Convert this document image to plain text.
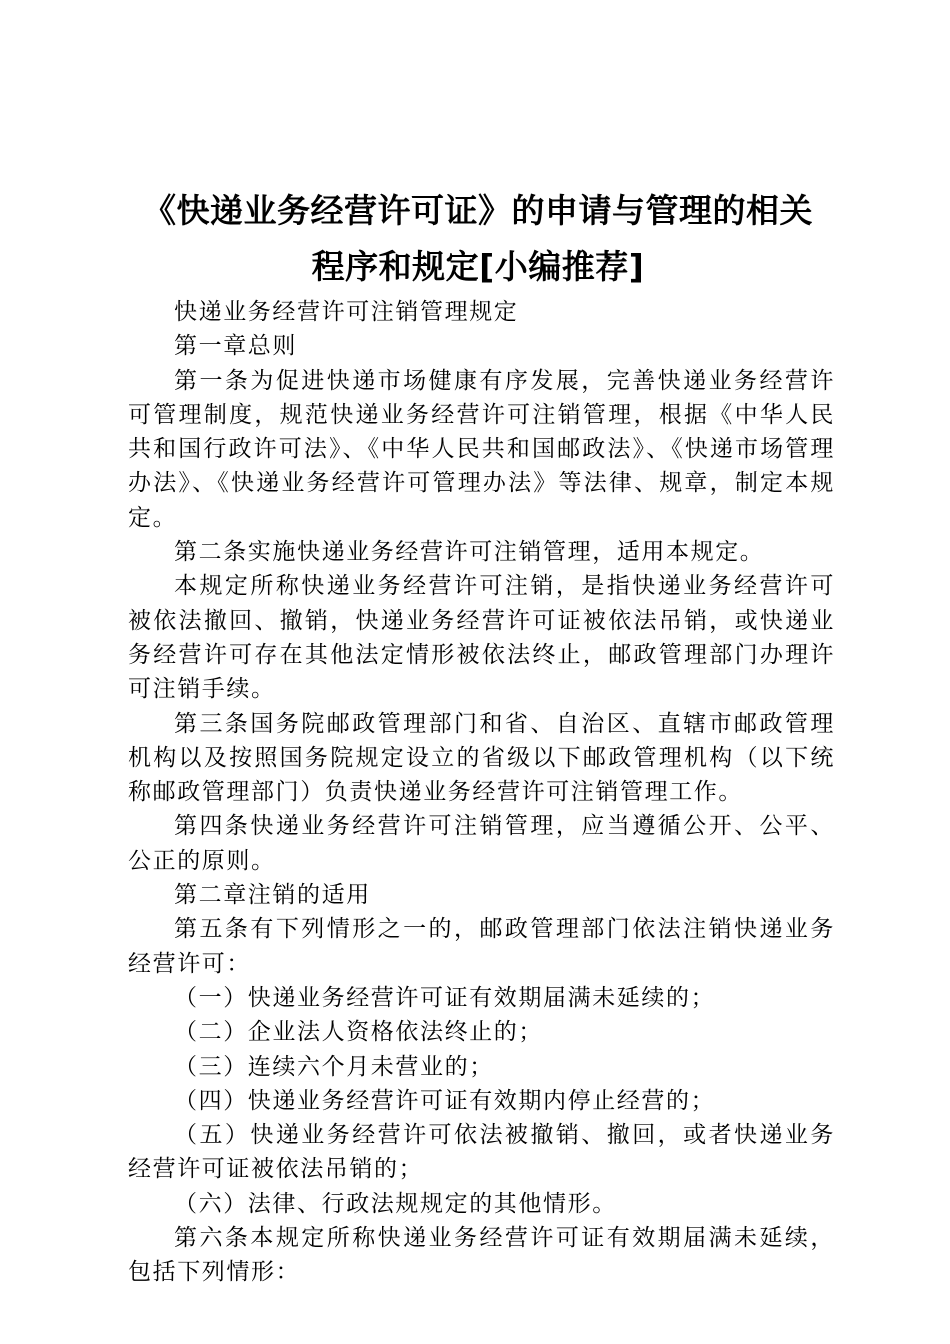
《快递业务经营许可证》的申请与管理的相关程序和规定[小编推荐]

快递业务经营许可注销管理规定

第一章总则

第一条为促进快递市场健康有序发展，完善快递业务经营许可管理制度，规范快递业务经营许可注销管理，根据《中华人民共和国行政许可法》、《中华人民共和国邮政法》、《快递市场管理办法》、《快递业务经营许可管理办法》等法律、规章，制定本规定。

第二条实施快递业务经营许可注销管理，适用本规定。

本规定所称快递业务经营许可注销，是指快递业务经营许可被依法撤回、撤销，快递业务经营许可证被依法吊销，或快递业务经营许可存在其他法定情形被依法终止，邮政管理部门办理许可注销手续。

第三条国务院邮政管理部门和省、自治区、直辖市邮政管理机构以及按照国务院规定设立的省级以下邮政管理机构（以下统称邮政管理部门）负责快递业务经营许可注销管理工作。

第四条快递业务经营许可注销管理，应当遵循公开、公平、公正的原则。

第二章注销的适用

第五条有下列情形之一的，邮政管理部门依法注销快递业务经营许可：

（一）快递业务经营许可证有效期届满未延续的；

（二）企业法人资格依法终止的；

（三）连续六个月未营业的；

（四）快递业务经营许可证有效期内停止经营的；

（五）快递业务经营许可依法被撤销、撤回，或者快递业务经营许可证被依法吊销的；

（六）法律、行政法规规定的其他情形。

第六条本规定所称快递业务经营许可证有效期届满未延续，包括下列情形：
